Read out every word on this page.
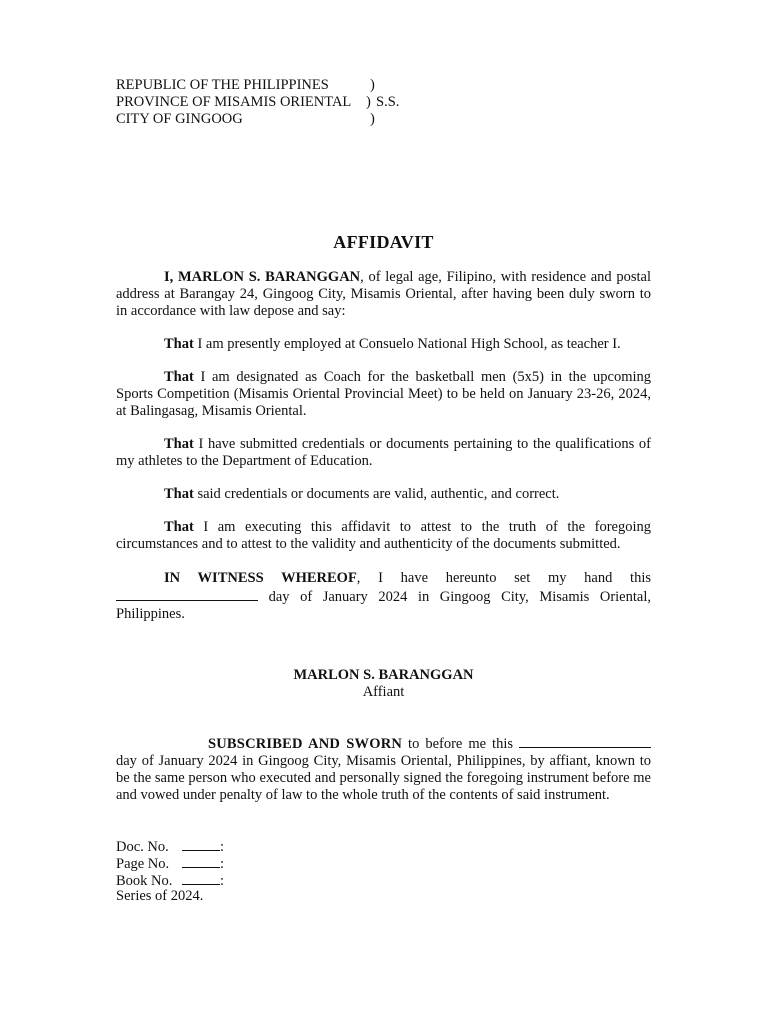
REPUBLIC OF THE PHILIPPINES	)
PROVINCE OF MISAMIS ORIENTAL ) S.S.
CITY OF GINGOOG	)
AFFIDAVIT

I, MARLON S. BARANGGAN, of legal age, Filipino, with residence and postal address at Barangay 24, Gingoog City, Misamis Oriental, after having been duly sworn to in accordance with law depose and say:

That I am presently employed at Consuelo National High School, as teacher I.

That I am designated as Coach for the basketball men (5x5) in the upcoming Sports Competition (Misamis Oriental Provincial Meet) to be held on January 23-26, 2024, at Balingasag, Misamis Oriental.

That I have submitted credentials or documents pertaining to the qualifications of my athletes to the Department of Education.

That said credentials or documents are valid, authentic, and correct.

That I am executing this affidavit to attest to the truth of the foregoing circumstances and to attest to the validity and authenticity of the documents submitted.

IN WITNESS WHEREOF, I have hereunto set my hand this  day of January 2024 in Gingoog City, Misamis Oriental, Philippines.

MARLON S. BARANGGAN
Affiant

SUBSCRIBED AND SWORN to before me this  day of January 2024 in Gingoog City, Misamis Oriental, Philippines, by affiant, known to be the same person who executed and personally signed the foregoing instrument before me and vowed under penalty of law to the whole truth of the contents of said instrument.

Doc. No.	:
Page No.	:
Book No.	:
Series of 2024.
